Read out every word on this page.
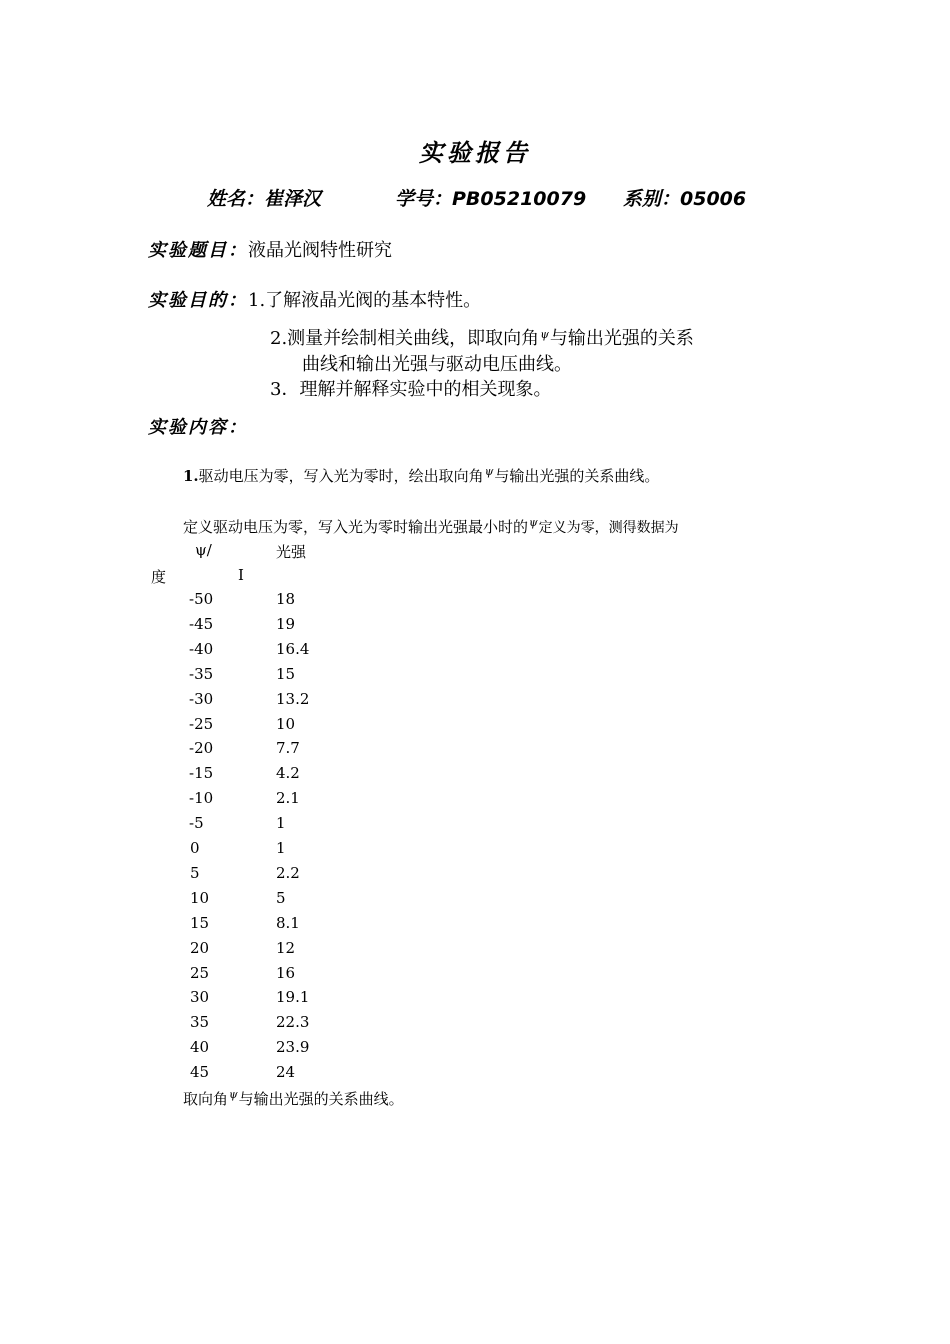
实验报告
姓名：崔泽汉	学号：PB05210079 系别：05006
实验题目：液晶光阀特性研究
实验目的：1.了解液晶光阀的基本特性。
2.测量并绘制相关曲线，即取向角$^\psi$与输出光强的关系
曲线和输出光强与驱动电压曲线。
3．理解并解释实验中的相关现象。
实验内容：
1.驱动电压为零，写入光为零时，绘出取向角$^\psi$与输出光强的关系曲线。
定义驱动电压为零，写入光为零时输出光强最小时的$^\psi$定义为零，测得数据为
ψ/	光强
度	I
-50	18
-45	19
-40	16.4
-35	15
-30	13.2
-25	10
-20	7.7
-15	4.2
-10	2.1
-5	1
0	1
5	2.2
10	5
15	8.1
20	12
25	16
30	19.1
35	22.3
40	23.9
45	24
取向角$^\psi$与输出光强的关系曲线。
